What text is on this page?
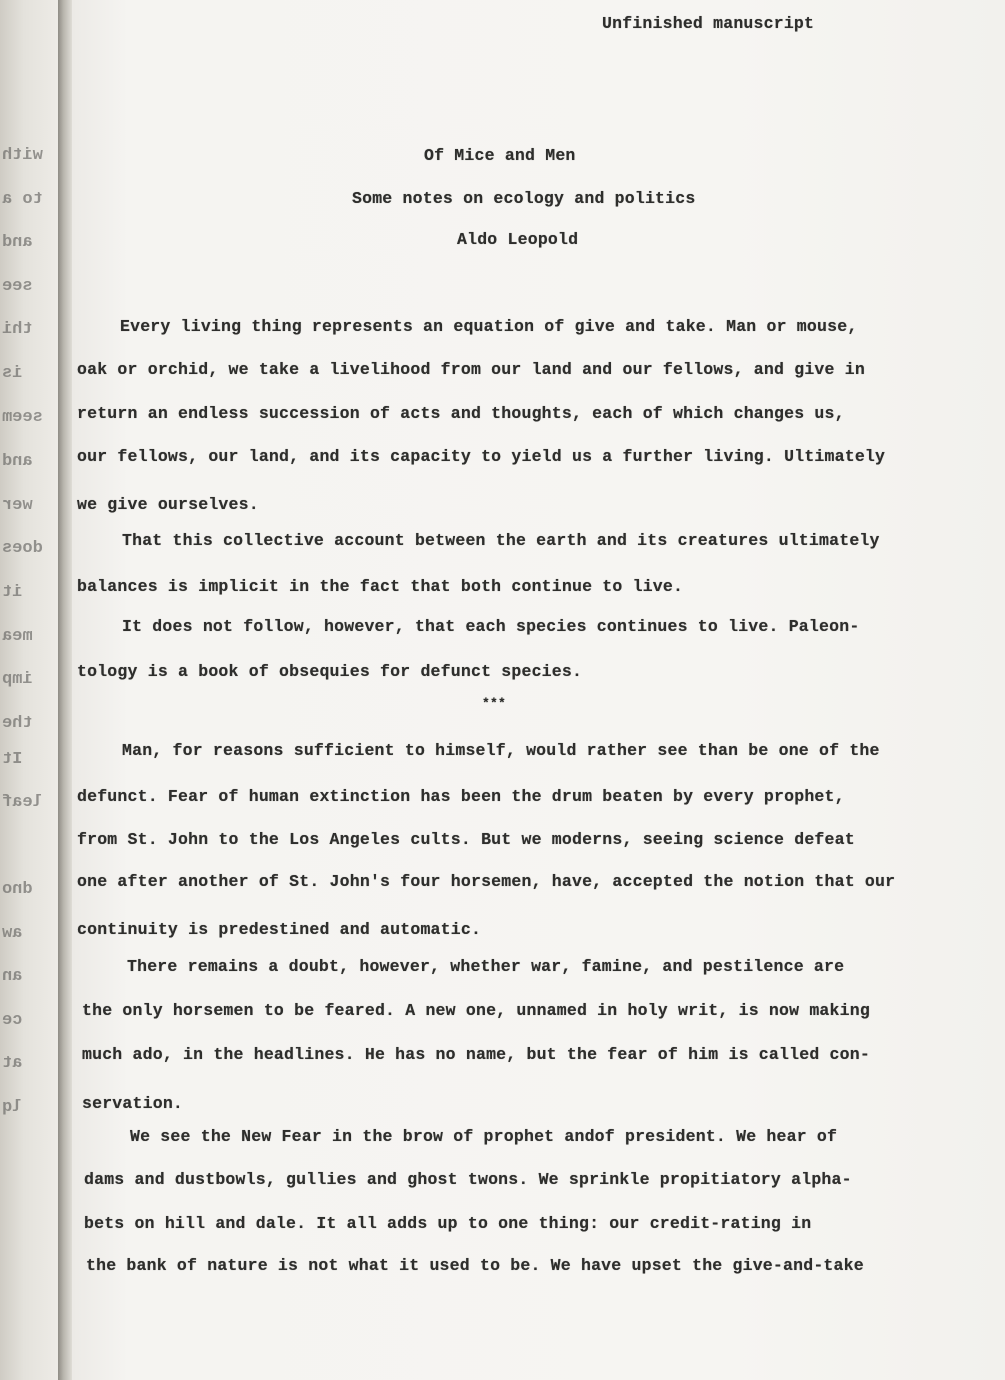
with
to a
and
see
thi
is
seem
and
wer
does
it
mea
imp
the
It
leaf
dno
aw
an
ce
at
lq
Unfinished manuscript
Of Mice and Men
Some notes on ecology and politics
Aldo Leopold
Every living thing represents an equation of give and take. Man or mouse,
oak or orchid, we take a livelihood from our land and our fellows, and give in
return an endless succession of acts and thoughts, each of which changes us,
our fellows, our land, and its capacity to yield us a further living. Ultimately
we give ourselves.
That this collective account between the earth and its creatures ultimately
balances is implicit in the fact that both continue to live.
It does not follow, however, that each species continues to live. Paleon-
tology is a book of obsequies for defunct species.
***
Man, for reasons sufficient to himself, would rather see than be one of the
defunct. Fear of human extinction has been the drum beaten by every prophet,
from St. John to the Los Angeles cults. But we moderns, seeing science defeat
one after another of St. John's four horsemen, have, accepted the notion that our
continuity is predestined and automatic.
There remains a doubt, however, whether war, famine, and pestilence are
the only horsemen to be feared. A new one, unnamed in holy writ, is now making
much ado, in the headlines. He has no name, but the fear of him is called con-
servation.
We see the New Fear in the brow of prophet andof president. We hear of
dams and dustbowls, gullies and ghost twons. We sprinkle propitiatory alpha-
bets on hill and dale. It all adds up to one thing: our credit-rating in
the bank of nature is not what it used to be. We have upset the give-and-take
